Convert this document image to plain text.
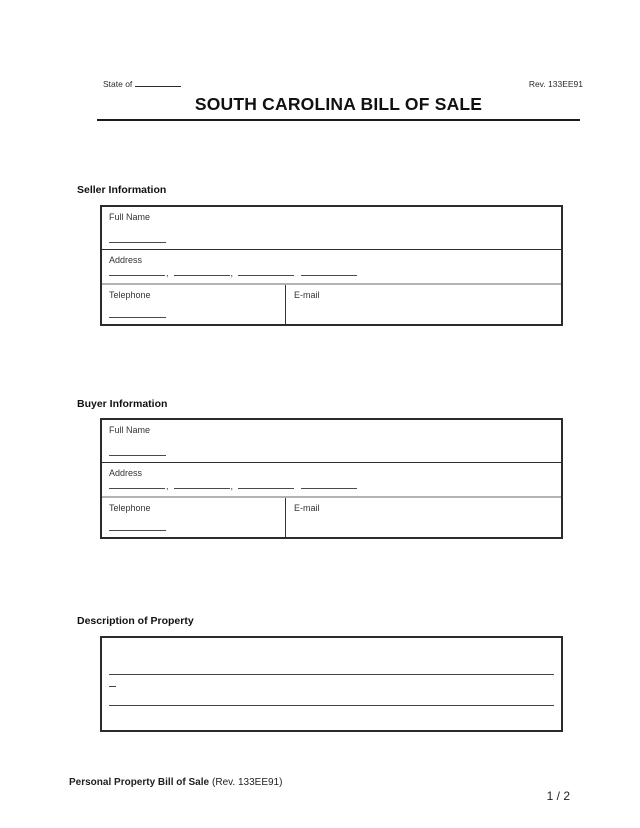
State of	Rev. 133EE91
SOUTH CAROLINA BILL OF SALE
Seller Information
Full Name
Address
,	,
Telephone	E-mail
Buyer Information
Full Name
Address
,	,
Telephone	E-mail
Description of Property
Personal Property Bill of Sale (Rev. 133EE91)
1 / 2
